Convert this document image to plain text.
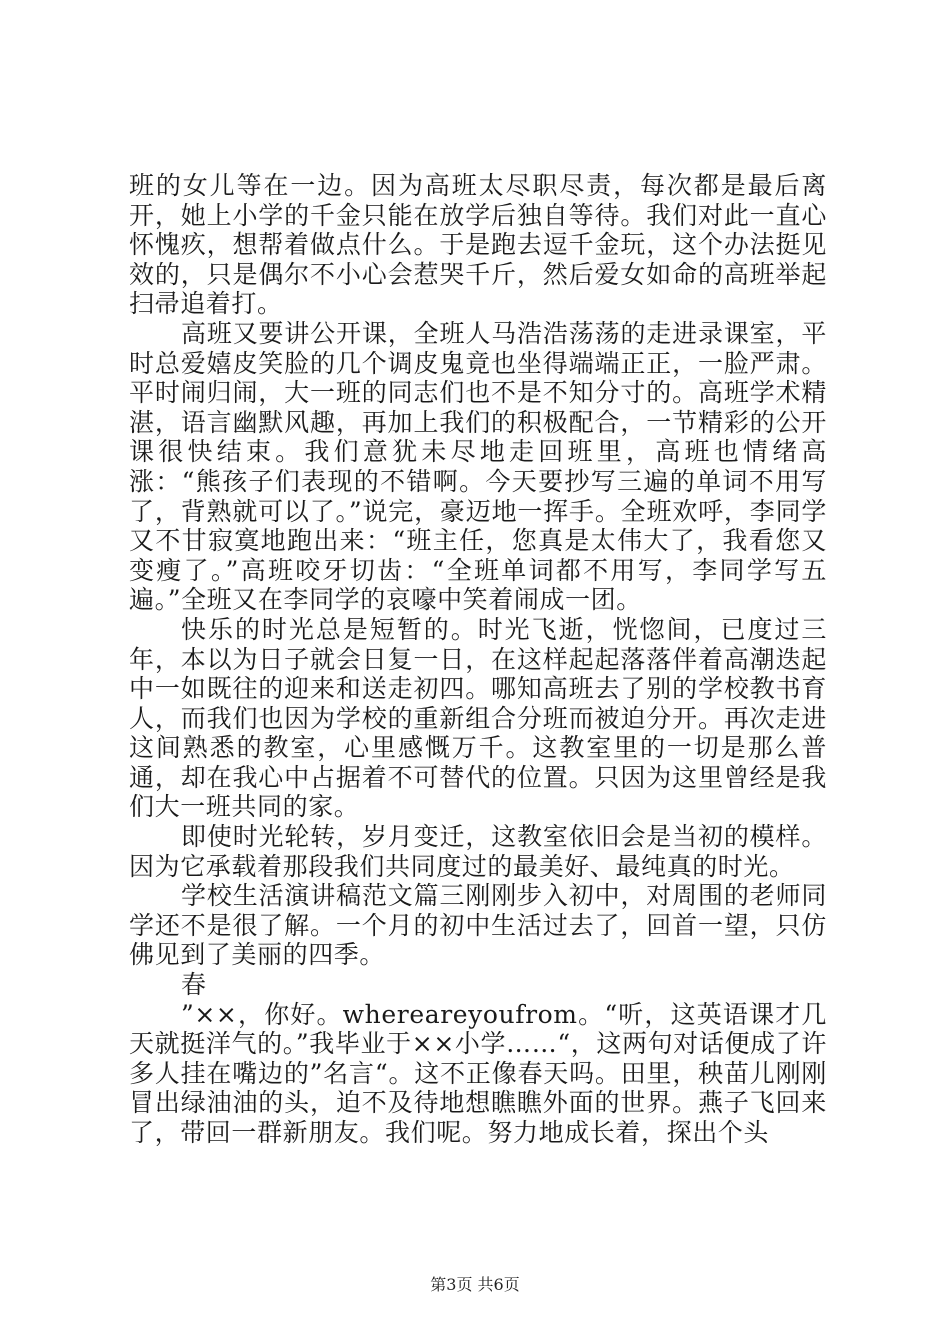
班的女儿等在一边。因为高班太尽职尽责，每次都是最后离开，她上小学的千金只能在放学后独自等待。我们对此一直心怀愧疚，想帮着做点什么。于是跑去逗千金玩，这个办法挺见效的，只是偶尔不小心会惹哭千斤，然后爱女如命的高班举起扫帚追着打。

高班又要讲公开课，全班人马浩浩荡荡的走进录课室，平时总爱嬉皮笑脸的几个调皮鬼竟也坐得端端正正，一脸严肃。平时闹归闹，大一班的同志们也不是不知分寸的。高班学术精湛，语言幽默风趣，再加上我们的积极配合，一节精彩的公开课很快结束。我们意犹未尽地走回班里，高班也情绪高涨：“熊孩子们表现的不错啊。今天要抄写三遍的单词不用写了，背熟就可以了。”说完，豪迈地一挥手。全班欢呼，李同学又不甘寂寞地跑出来：“班主任，您真是太伟大了，我看您又变瘦了。”高班咬牙切齿：“全班单词都不用写，李同学写五遍。”全班又在李同学的哀嚎中笑着闹成一团。

快乐的时光总是短暂的。时光飞逝，恍惚间，已度过三年，本以为日子就会日复一日，在这样起起落落伴着高潮迭起中一如既往的迎来和送走初四。哪知高班去了别的学校教书育人，而我们也因为学校的重新组合分班而被迫分开。再次走进这间熟悉的教室，心里感慨万千。这教室里的一切是那么普通，却在我心中占据着不可替代的位置。只因为这里曾经是我们大一班共同的家。

即使时光轮转，岁月变迁，这教室依旧会是当初的模样。因为它承载着那段我们共同度过的最美好、最纯真的时光。

学校生活演讲稿范文篇三刚刚步入初中，对周围的老师同学还不是很了解。一个月的初中生活过去了，回首一望，只仿佛见到了美丽的四季。

春

”××，你好。whereareyoufrom。“听，这英语课才几天就挺洋气的。”我毕业于××小学……“，这两句对话便成了许多人挂在嘴边的”名言“。这不正像春天吗。田里，秧苗儿刚刚冒出绿油油的头，迫不及待地想瞧瞧外面的世界。燕子飞回来了，带回一群新朋友。我们呢。努力地成长着，探出个头

第3页 共6页
